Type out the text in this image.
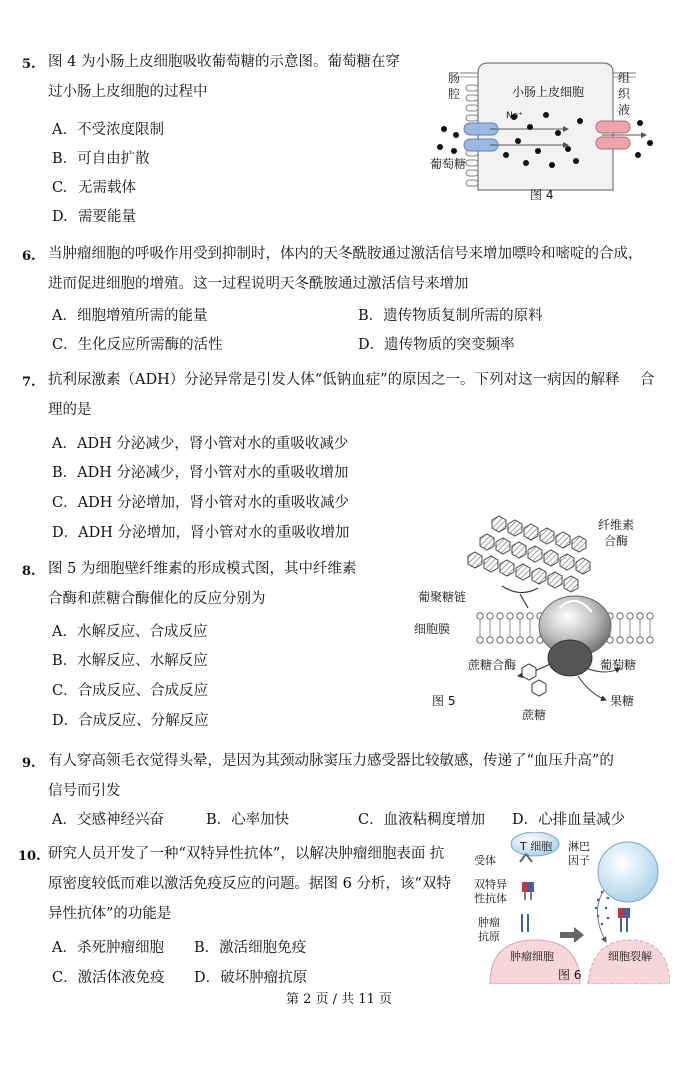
5. 图 4 为小肠上皮细胞吸收葡萄糖的示意图。葡萄糖在穿
过小肠上皮细胞的过程中
A．不受浓度限制
B．可自由扩散
C. 无需载体
D. 需要能量
肠
腔	小肠上皮细胞
组
织
液
Na⁺
葡萄糖
图 4
6. 当肿瘤细胞的呼吸作用受到抑制时，体内的天冬酰胺通过激活信号来增加嘌呤和嘧啶的合成，
进而促进细胞的增殖。这一过程说明天冬酰胺通过激活信号来增加
A．细胞增殖所需的能量	B．遗传物质复制所需的原料
C．生化反应所需酶的活性	D．遗传物质的突变频率
7. 抗利尿激素（ADH）分泌异常是引发人体“低钠血症”的原因之一。下列对这一病因的解释 合
理的是
A．ADH 分泌减少，肾小管对水的重吸收减少
B．ADH 分泌减少，肾小管对水的重吸收增加
C．ADH 分泌增加，肾小管对水的重吸收减少
D．ADH 分泌增加，肾小管对水的重吸收增加
8. 图 5 为细胞壁纤维素的形成模式图，其中纤维素
合酶和蔗糖合酶催化的反应分别为
A．水解反应、合成反应
B．水解反应、水解反应
C．合成反应、合成反应
D．合成反应、分解反应
纤维素
合酶
葡聚糖链
细胞膜
蔗糖合酶	葡萄糖
图 5	果糖
蔗糖
9. 有人穿高领毛衣觉得头晕，是因为其颈动脉窦压力感受器比较敏感，传递了“血压升高”的
信号而引发
A．交感神经兴奋	B．心率加快	C．血液粘稠度增加 D．心排血量减少
10. 研究人员开发了一种“双特异性抗体”，以解决肿瘤细胞表面 抗
原密度较低而难以激活免疫反应的问题。据图 6 分析，该“双特
异性抗体”的功能是
A．杀死肿瘤细胞 B．激活细胞免疫
C．激活体液免疫 D．破坏肿瘤抗原
T 细胞
受体
双特异
性抗体
肿瘤
抗原
淋巴
因子
肿瘤细胞	细胞裂解
图 6
第 2 页 / 共 11 页
